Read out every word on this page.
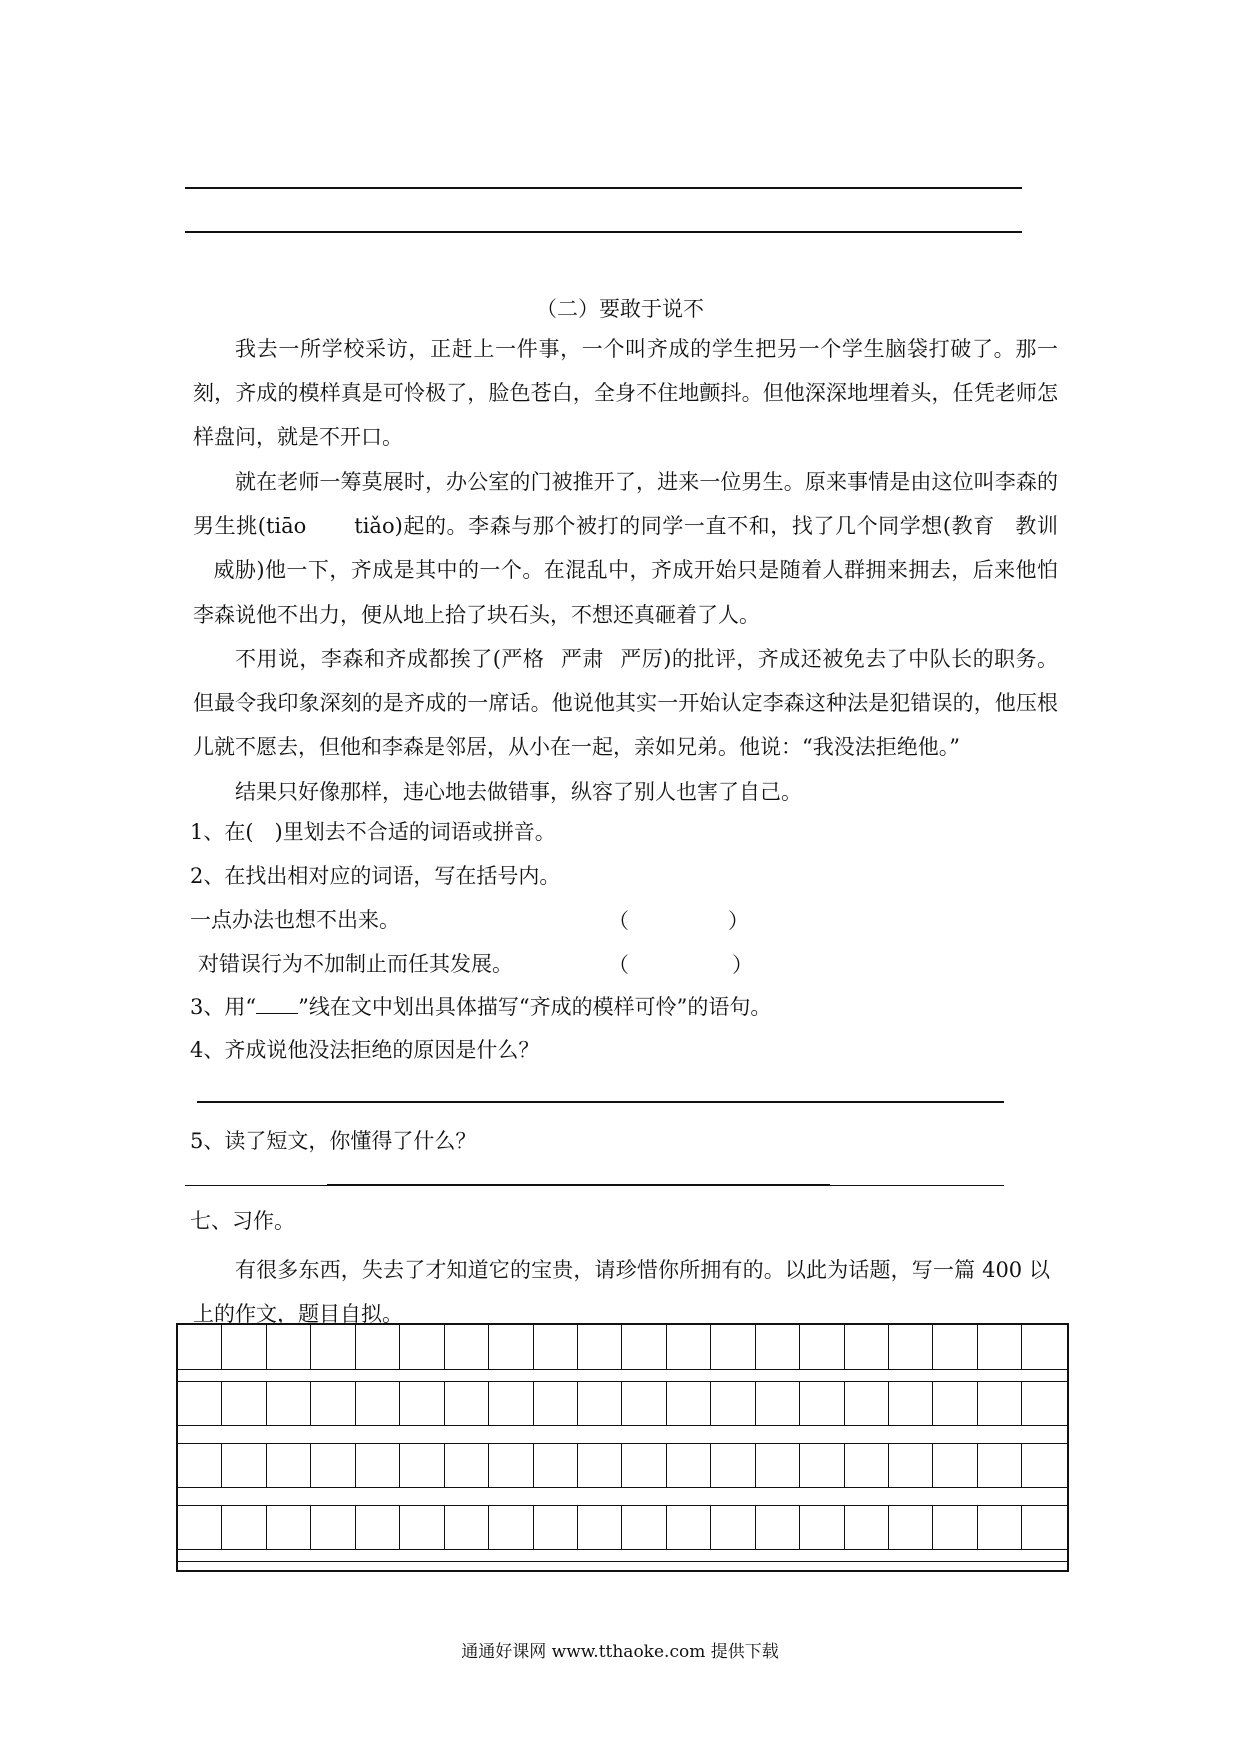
（二）要敢于说不
我去一所学校采访，正赶上一件事，一个叫齐成的学生把另一个学生脑袋打破了。那一刻，齐成的模样真是可怜极了，脸色苍白，全身不住地颤抖。但他深深地埋着头，任凭老师怎样盘问，就是不开口。
就在老师一筹莫展时，办公室的门被推开了，进来一位男生。原来事情是由这位叫李森的男生挑(tiāo tiǎo)起的。李森与那个被打的同学一直不和，找了几个同学想(教育 教训威胁)他一下，齐成是其中的一个。在混乱中，齐成开始只是随着人群拥来拥去，后来他怕李森说他不出力，便从地上拾了块石头，不想还真砸着了人。
不用说，李森和齐成都挨了(严格 严肃 严厉)的批评，齐成还被免去了中队长的职务。但最令我印象深刻的是齐成的一席话。他说他其实一开始认定李森这种法是犯错误的，他压根儿就不愿去，但他和李森是邻居，从小在一起，亲如兄弟。他说：“我没法拒绝他。”
结果只好像那样，违心地去做错事，纵容了别人也害了自己。
1、在(　)里划去不合适的词语或拼音。
2、在找出相对应的词语，写在括号内。
一点办法也想不出来。	（	）
对错误行为不加制止而任其发展。	（	）
3、用“ ”线在文中划出具体描写“齐成的模样可怜”的语句。
4、齐成说他没法拒绝的原因是什么？
5、读了短文，你懂得了什么？
七、习作。
有很多东西，失去了才知道它的宝贵，请珍惜你所拥有的。以此为话题，写一篇 400 以上的作文，题目自拟。
通通好课网 www.tthaoke.com 提供下载
